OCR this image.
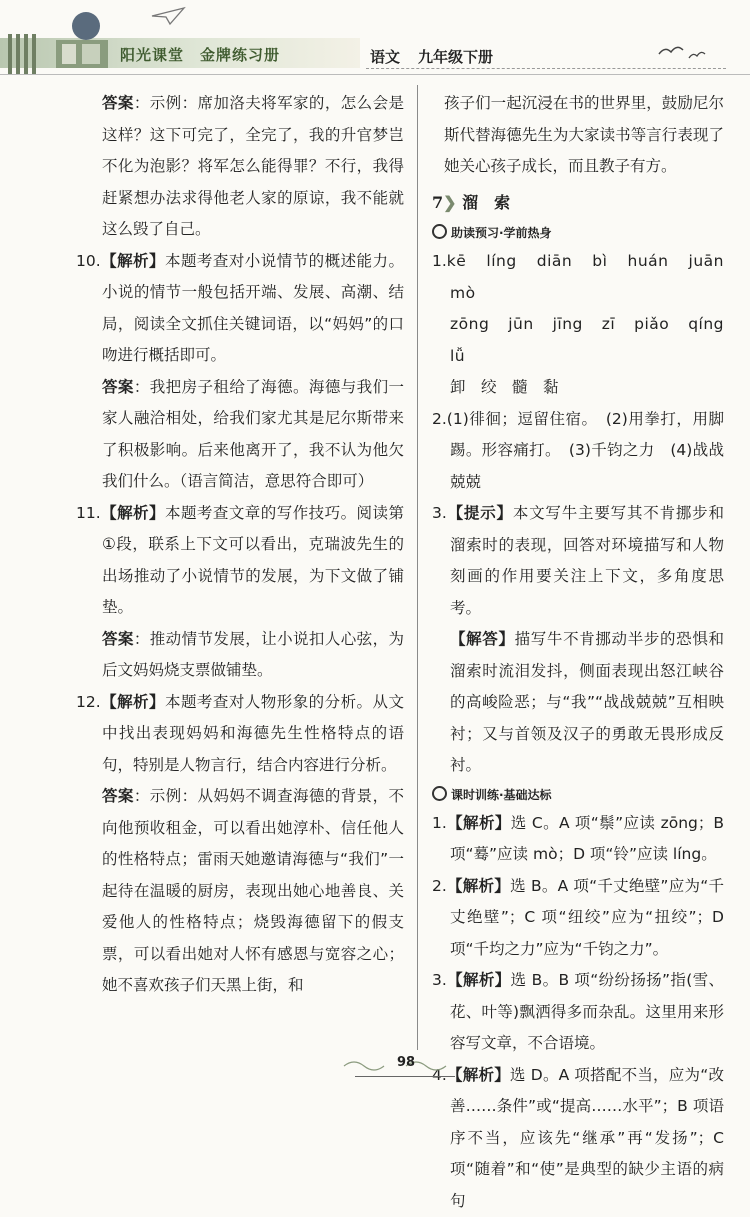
阳光课堂 金牌练习册	语文 九年级下册

答案：示例：席加洛夫将军家的，怎么会是这样？这下可完了，全完了，我的升官梦岂不化为泡影？将军怎么能得罪？不行，我得赶紧想办法求得他老人家的原谅，我不能就这么毁了自己。

10.【解析】本题考查对小说情节的概述能力。小说的情节一般包括开端、发展、高潮、结局，阅读全文抓住关键词语，以“妈妈”的口吻进行概括即可。

答案：我把房子租给了海德。海德与我们一家人融洽相处，给我们家尤其是尼尔斯带来了积极影响。后来他离开了，我不认为他欠我们什么。（语言简洁，意思符合即可）

11.【解析】本题考查文章的写作技巧。阅读第①段，联系上下文可以看出，克瑞波先生的出场推动了小说情节的发展，为下文做了铺垫。

答案：推动情节发展，让小说扣人心弦，为后文妈妈烧支票做铺垫。

12.【解析】本题考查对人物形象的分析。从文中找出表现妈妈和海德先生性格特点的语句，特别是人物言行，结合内容进行分析。

答案：示例：从妈妈不调查海德的背景，不向他预收租金，可以看出她淳朴、信任他人的性格特点；雷雨天她邀请海德与“我们”一起待在温暖的厨房，表现出她心地善良、关爱他人的性格特点；烧毁海德留下的假支票，可以看出她对人怀有感恩与宽容之心；她不喜欢孩子们天黑上街，和

孩子们一起沉浸在书的世界里，鼓励尼尔斯代替海德先生为大家读书等言行表现了她关心孩子成长，而且教子有方。

7❯ 溜　索
助读预习·学前热身

1.kē　líng　diān　bì　huán　juān　mò

zōng　jūn　jīng　zī　piǎo　qíng　lǚ

卸　绞　髓　黏

2.(1)徘徊；逗留住宿。　(2)用拳打，用脚踢。形容痛打。　(3)千钧之力　(4)战战兢兢

3.【提示】本文写牛主要写其不肯挪步和溜索时的表现，回答对环境描写和人物刻画的作用要关注上下文，多角度思考。

【解答】描写牛不肯挪动半步的恐惧和溜索时流泪发抖，侧面表现出怒江峡谷的高峻险恶；与“我”“战战兢兢”互相映衬；又与首领及汉子的勇敢无畏形成反衬。

课时训练·基础达标

1.【解析】选 C。A 项“鬃”应读 zōng；B 项“蓦”应读 mò；D 项“铃”应读 líng。

2.【解析】选 B。A 项“千丈绝壁”应为“千丈绝壁”；C 项“纽绞”应为“扭绞”；D 项“千均之力”应为“千钧之力”。

3.【解析】选 B。B 项“纷纷扬扬”指(雪、花、叶等)飘洒得多而杂乱。这里用来形容写文章，不合语境。

4.【解析】选 D。A 项搭配不当，应为“改善……条件”或“提高……水平”；B 项语序不当，应该先“继承”再“发扬”；C 项“随着”和“使”是典型的缺少主语的病句

98
